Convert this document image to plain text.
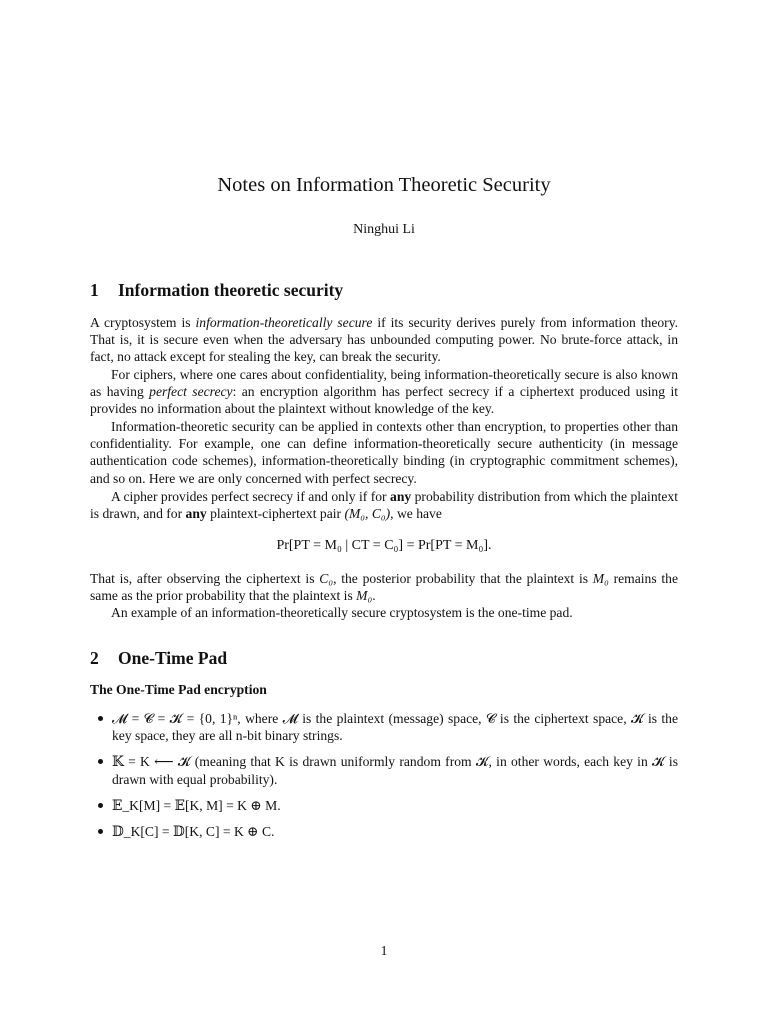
Notes on Information Theoretic Security
Ninghui Li
1 Information theoretic security

A cryptosystem is information-theoretically secure if its security derives purely from information theory. That is, it is secure even when the adversary has unbounded computing power. No brute-force attack, in fact, no attack except for stealing the key, can break the security.

For ciphers, where one cares about confidentiality, being information-theoretically secure is also known as having perfect secrecy: an encryption algorithm has perfect secrecy if a ciphertext produced using it provides no information about the plaintext without knowledge of the key.

Information-theoretic security can be applied in contexts other than encryption, to properties other than confidentiality. For example, one can define information-theoretically secure authenticity (in message authentication code schemes), information-theoretically binding (in cryptographic commitment schemes), and so on. Here we are only concerned with perfect secrecy.

A cipher provides perfect secrecy if and only if for any probability distribution from which the plaintext is drawn, and for any plaintext-ciphertext pair (M₀, C₀), we have

Pr[PT = M₀ | CT = C₀] = Pr[PT = M₀].

That is, after observing the ciphertext is C₀, the posterior probability that the plaintext is M₀ remains the same as the prior probability that the plaintext is M₀.

An example of an information-theoretically secure cryptosystem is the one-time pad.

2 One-Time Pad
The One-Time Pad encryption
𝓜 = 𝓒 = 𝓚 = {0, 1}ⁿ, where 𝓜 is the plaintext (message) space, 𝓒 is the ciphertext space, 𝓚 is the key space, they are all n-bit binary strings.
𝕂 = K ⟵ 𝓚 (meaning that K is drawn uniformly random from 𝓚, in other words, each key in 𝓚 is drawn with equal probability).
𝔼_K[M] = 𝔼[K, M] = K ⊕ M.
𝔻_K[C] = 𝔻[K, C] = K ⊕ C.
1
